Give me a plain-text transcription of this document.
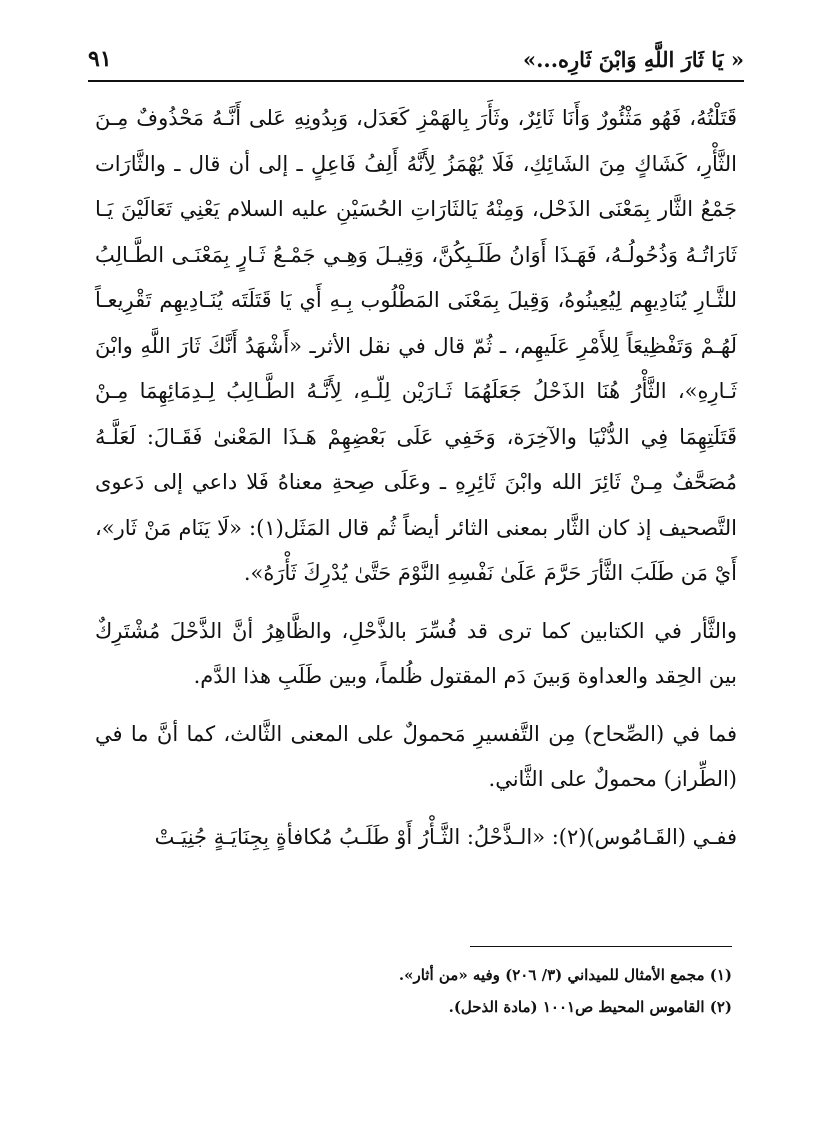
« يَا ثَارَ اللَّهِ وَابْنَ ثَارِه...»
٩١

قَتَلْتُهُ، فَهُو مَثْئُورٌ وَأَنَا ثَائِرٌ، وثَأَرَ بِالهَمْزِ كَعَدَل، وَبِدُونِهِ عَلى أَنَّـهُ مَحْذُوفٌ مِـنَ الثَّأْرِ، كَشَاكٍ مِنَ الشَائِكِ، فَلَا يُهْمَزُ لِأَنَّهُ أَلِفُ فَاعِلٍ ـ إلى أن قال ـ والثَّارَات جَمْعُ الثَّار بِمَعْنَى الذَحْل، وَمِنْهُ يَالثَارَاتِ الحُسَيْنِ عليه السلام يَعْنِي تَعَالَيْنَ يَـا ثَارَاتُـهُ وَذُحُولُـهُ، فَهَـذَا أَوَانُ طَلَـبِكُنَّ، وَقِيـلَ وَهِـي جَمْـعُ ثَـارٍ بِمَعْنَـى الطَّـالِبُ للثَّـارِ يُنَادِيهِم لِيُعِينُوهُ، وَقِيلَ بِمَعْنَى المَطْلُوب بِـهِ أَي يَا قَتَلَتَه يُنَـادِيهِم تَقْرِيعـاً لَهُـمْ وَتَفْظِيعَاً لِلأَمْرِ عَلَيهِم، ـ ثُمّ قال في نقل الأثرـ «أَشْهَدُ أَنَّكَ ثَارَ اللَّهِ وابْنَ ثَـارِهِ»، الثَّأْرُ هُنَا الذَحْلُ جَعَلَهُمَا ثَـارَيْن لِلّـهِ، لِأَنَّـهُ الطَّـالِبُ لِـدِمَائِهِمَا مِـنْ قَتَلَتِهِمَا فِي الدُّنْيَا والآخِرَة، وَخَفِي عَلَى بَعْضِهِمْ هَـذَا المَعْنىٰ فَقَـالَ: لَعَلَّـهُ مُصَحَّفٌ مِـنْ ثَائِرَ الله وابْنَ ثَائِرِهِ ـ وعَلَى صِحةِ معناهُ فَلا داعي إلى دَعوى التَّصحيف إذ كان الثَّار بمعنى الثائر أيضاً ثُم قال المَثَل(١): «لَا يَنَام مَنْ ثَار»، أَيْ مَن طَلَبَ الثَّأرَ حَرَّمَ عَلَىٰ نَفْسِهِ النَّوْمَ حَتَّىٰ يُدْرِكَ ثَأْرَهُ».

والثَّأر في الكتابين كما ترى قد فُسِّرَ بالذَّحْلِ، والظَّاهِرُ أنَّ الذَّحْلَ مُشْتَرِكٌ بين الحِقد والعداوة وَبينَ دَم المقتول ظُلماً، وبين طَلَبِ هذا الدَّم.

فما في (الصِّحاح) مِن التَّفسيرِ مَحمولٌ على المعنى الثَّالث، كما أنَّ ما في (الطِّراز) محمولٌ على الثَّاني.

ففـي (القَـامُوس)(٢): «الـذَّحْلُ: الثَّـأْرُ أَوْ طَلَـبُ مُكافأةٍ بِجِنَايَـةٍ جُنِيَـتْ

(١) مجمع الأمثال للميداني (٣/ ٢٠٦) وفيه «من أثار».

(٢) القاموس المحيط ص١٠٠١ (مادة الذحل).
